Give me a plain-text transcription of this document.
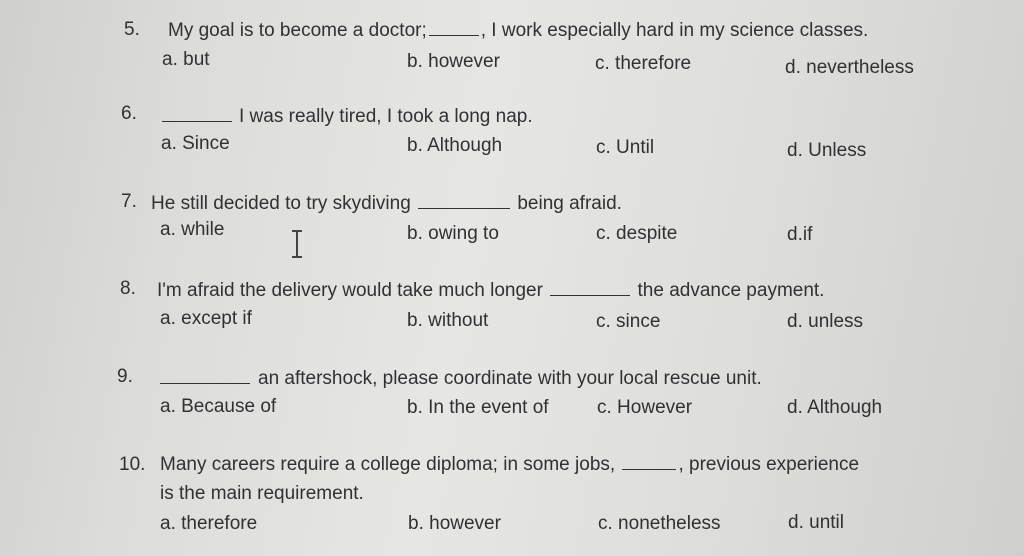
5. My goal is to become a doctor;	, I work especially hard in my science classes.
a. but	b. however	c. therefore	d. nevertheless
6.	I was really tired, I took a long nap.
a. Since	b. Although	c. Until	d. Unless
7. He still decided to try skydiving	being afraid.
a. while	b. owing to	c. despite	d.if
8. I'm afraid the delivery would take much longer	the advance payment.
a. except if	b. without	c. since	d. unless
9.	an aftershock, please coordinate with your local rescue unit.
a. Because of	b. In the event of	c. However	d. Although
10. Many careers require a college diploma; in some jobs,	, previous experience
is the main requirement.
a. therefore	b. however	c. nonetheless	d. until
